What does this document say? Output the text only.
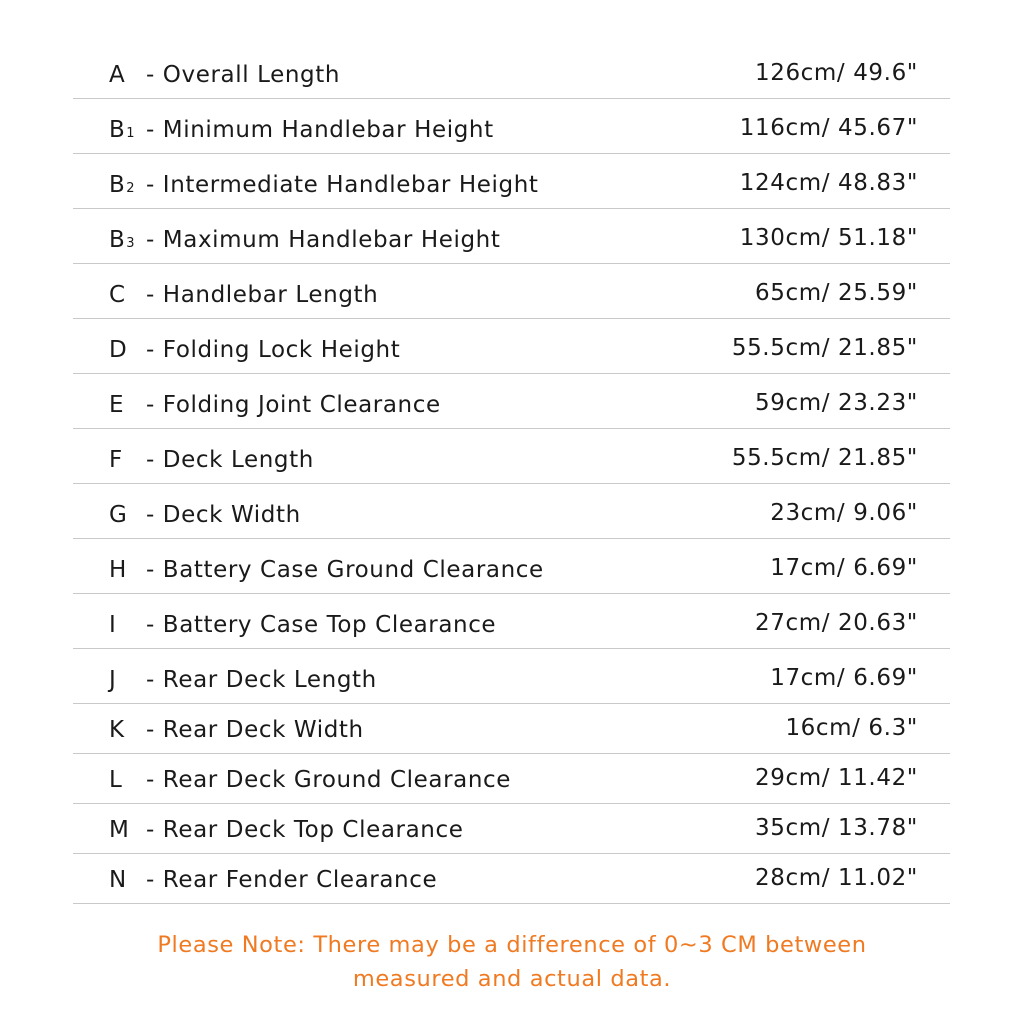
A - Overall Length	126cm/ 49.6"
B1 - Minimum Handlebar Height	116cm/ 45.67"
B2 - Intermediate Handlebar Height	124cm/ 48.83"
B3 - Maximum Handlebar Height	130cm/ 51.18"
C - Handlebar Length	65cm/ 25.59"
D - Folding Lock Height	55.5cm/ 21.85"
E - Folding Joint Clearance	59cm/ 23.23"
F	- Deck Length	55.5cm/ 21.85"
G - Deck Width	23cm/ 9.06"
H - Battery Case Ground Clearance	17cm/ 6.69"
I	- Battery Case Top Clearance	27cm/ 20.63"
J	- Rear Deck Length	17cm/ 6.69"
K - Rear Deck Width	16cm/ 6.3"
L	- Rear Deck Ground Clearance	29cm/ 11.42"
M - Rear Deck Top Clearance	35cm/ 13.78"
N - Rear Fender Clearance	28cm/ 11.02"
Please Note: There may be a difference of 0~3 CM between
measured and actual data.
